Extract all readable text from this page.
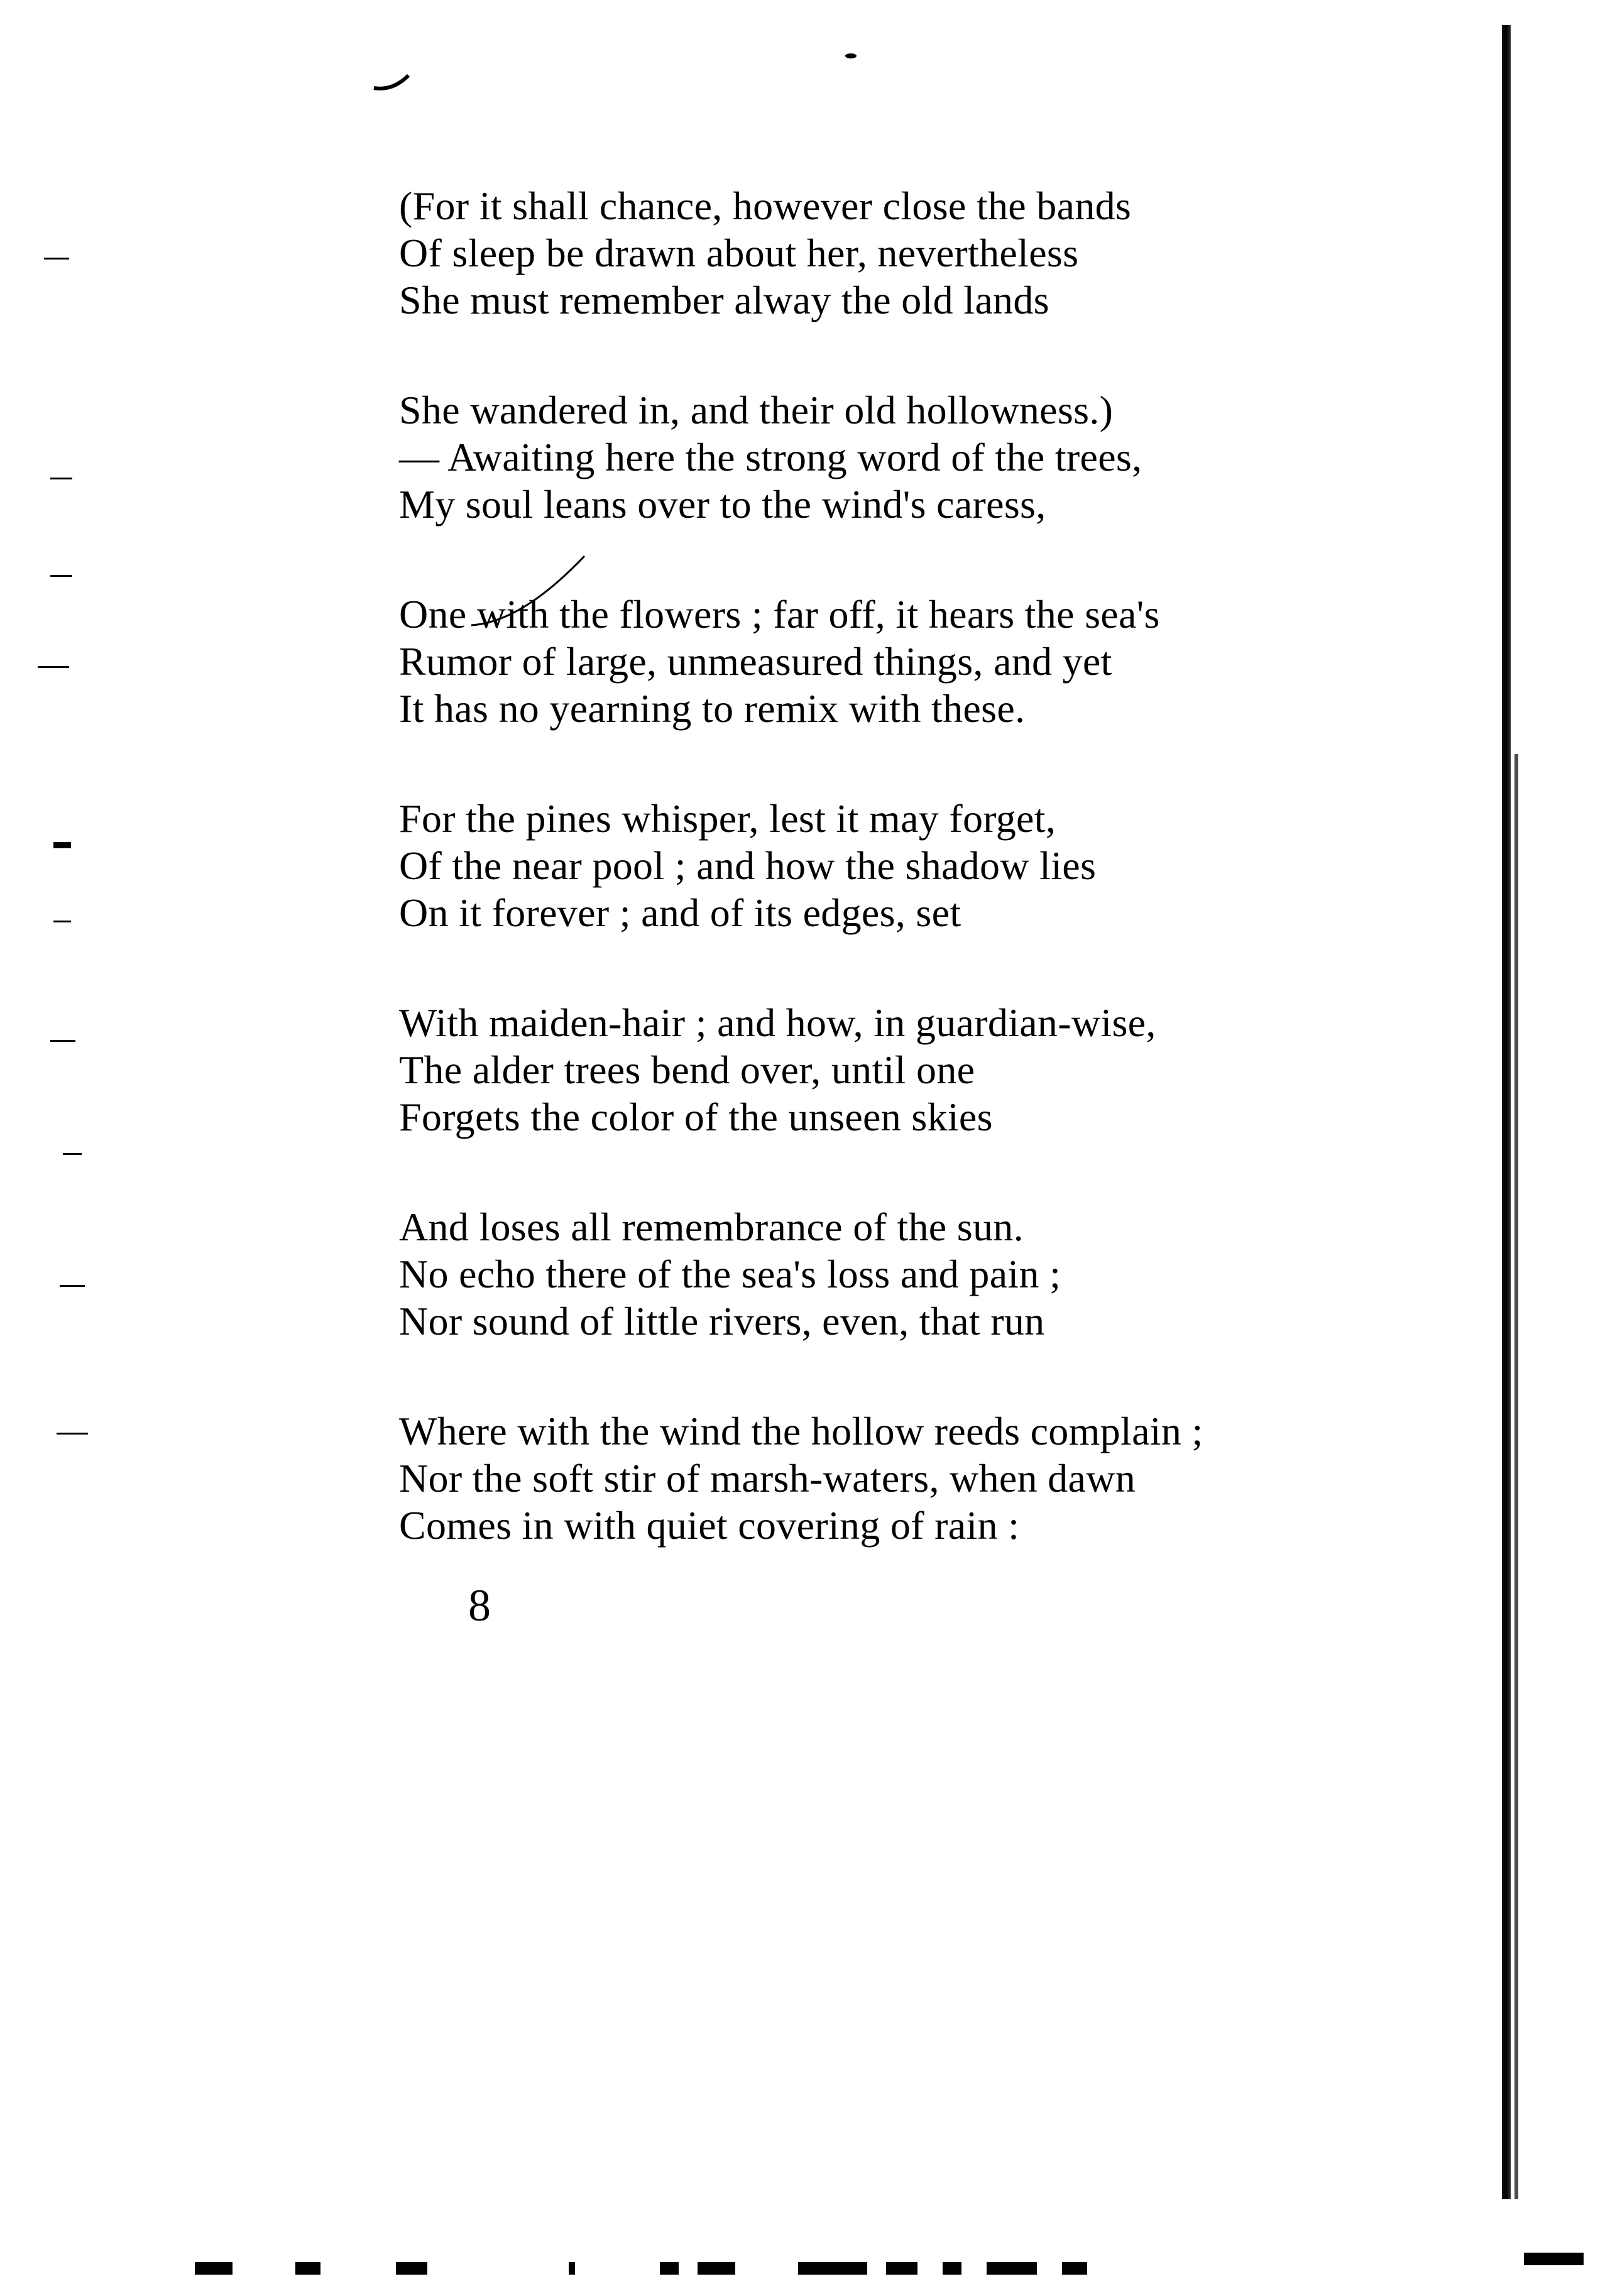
(For it shall chance, however close the bands
Of sleep be drawn about her, nevertheless
She must remember alway the old lands
She wandered in, and their old hollowness.)
— Awaiting here the strong word of the trees,
My soul leans over to the wind's caress,
One with the flowers ; far off, it hears the sea's
Rumor of large, unmeasured things, and yet
It has no yearning to remix with these.
For the pines whisper, lest it may forget,
Of the near pool ; and how the shadow lies
On it forever ; and of its edges, set
With maiden-hair ; and how, in guardian-wise,
The alder trees bend over, until one
Forgets the color of the unseen skies
And loses all remembrance of the sun.
No echo there of the sea's loss and pain ;
Nor sound of little rivers, even, that run
Where with the wind the hollow reeds complain ;
Nor the soft stir of marsh-waters, when dawn
Comes in with quiet covering of rain :
8
